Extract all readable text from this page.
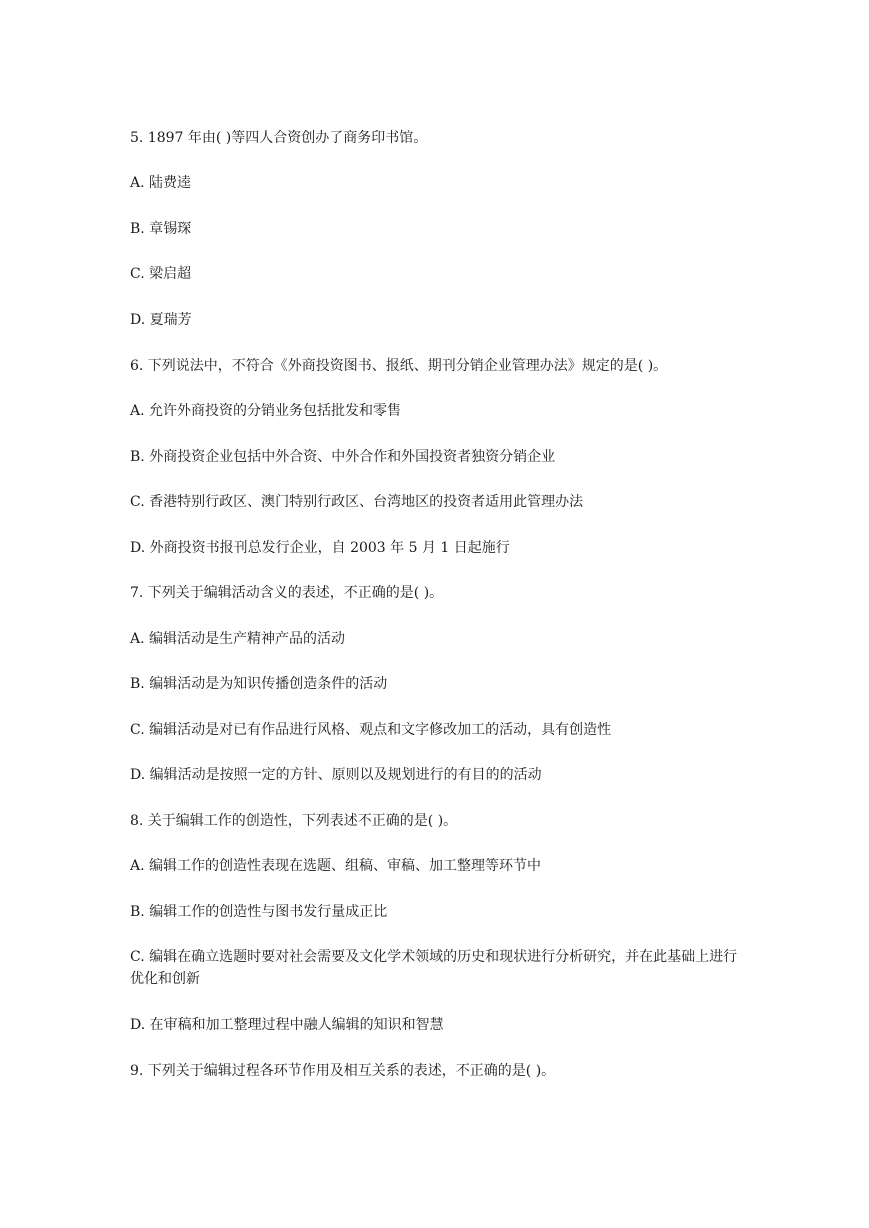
5. 1897 年由( )等四人合资创办了商务印书馆。
A. 陆费逵
B. 章锡琛
C. 梁启超
D. 夏瑞芳
6. 下列说法中，不符合《外商投资图书、报纸、期刊分销企业管理办法》规定的是( )。
A. 允许外商投资的分销业务包括批发和零售
B. 外商投资企业包括中外合资、中外合作和外国投资者独资分销企业
C. 香港特别行政区、澳门特别行政区、台湾地区的投资者适用此管理办法
D. 外商投资书报刊总发行企业，自 2003 年 5 月 1 日起施行
7. 下列关于编辑活动含义的表述，不正确的是( )。
A. 编辑活动是生产精神产品的活动
B. 编辑活动是为知识传播创造条件的活动
C. 编辑活动是对已有作品进行风格、观点和文字修改加工的活动，具有创造性
D. 编辑活动是按照一定的方针、原则以及规划进行的有目的的活动
8. 关于编辑工作的创造性，下列表述不正确的是( )。
A. 编辑工作的创造性表现在选题、组稿、审稿、加工整理等环节中
B. 编辑工作的创造性与图书发行量成正比
C. 编辑在确立选题时要对社会需要及文化学术领域的历史和现状进行分析研究，并在此基础上进行优化和创新
D. 在审稿和加工整理过程中融人编辑的知识和智慧
9. 下列关于编辑过程各环节作用及相互关系的表述，不正确的是( )。
